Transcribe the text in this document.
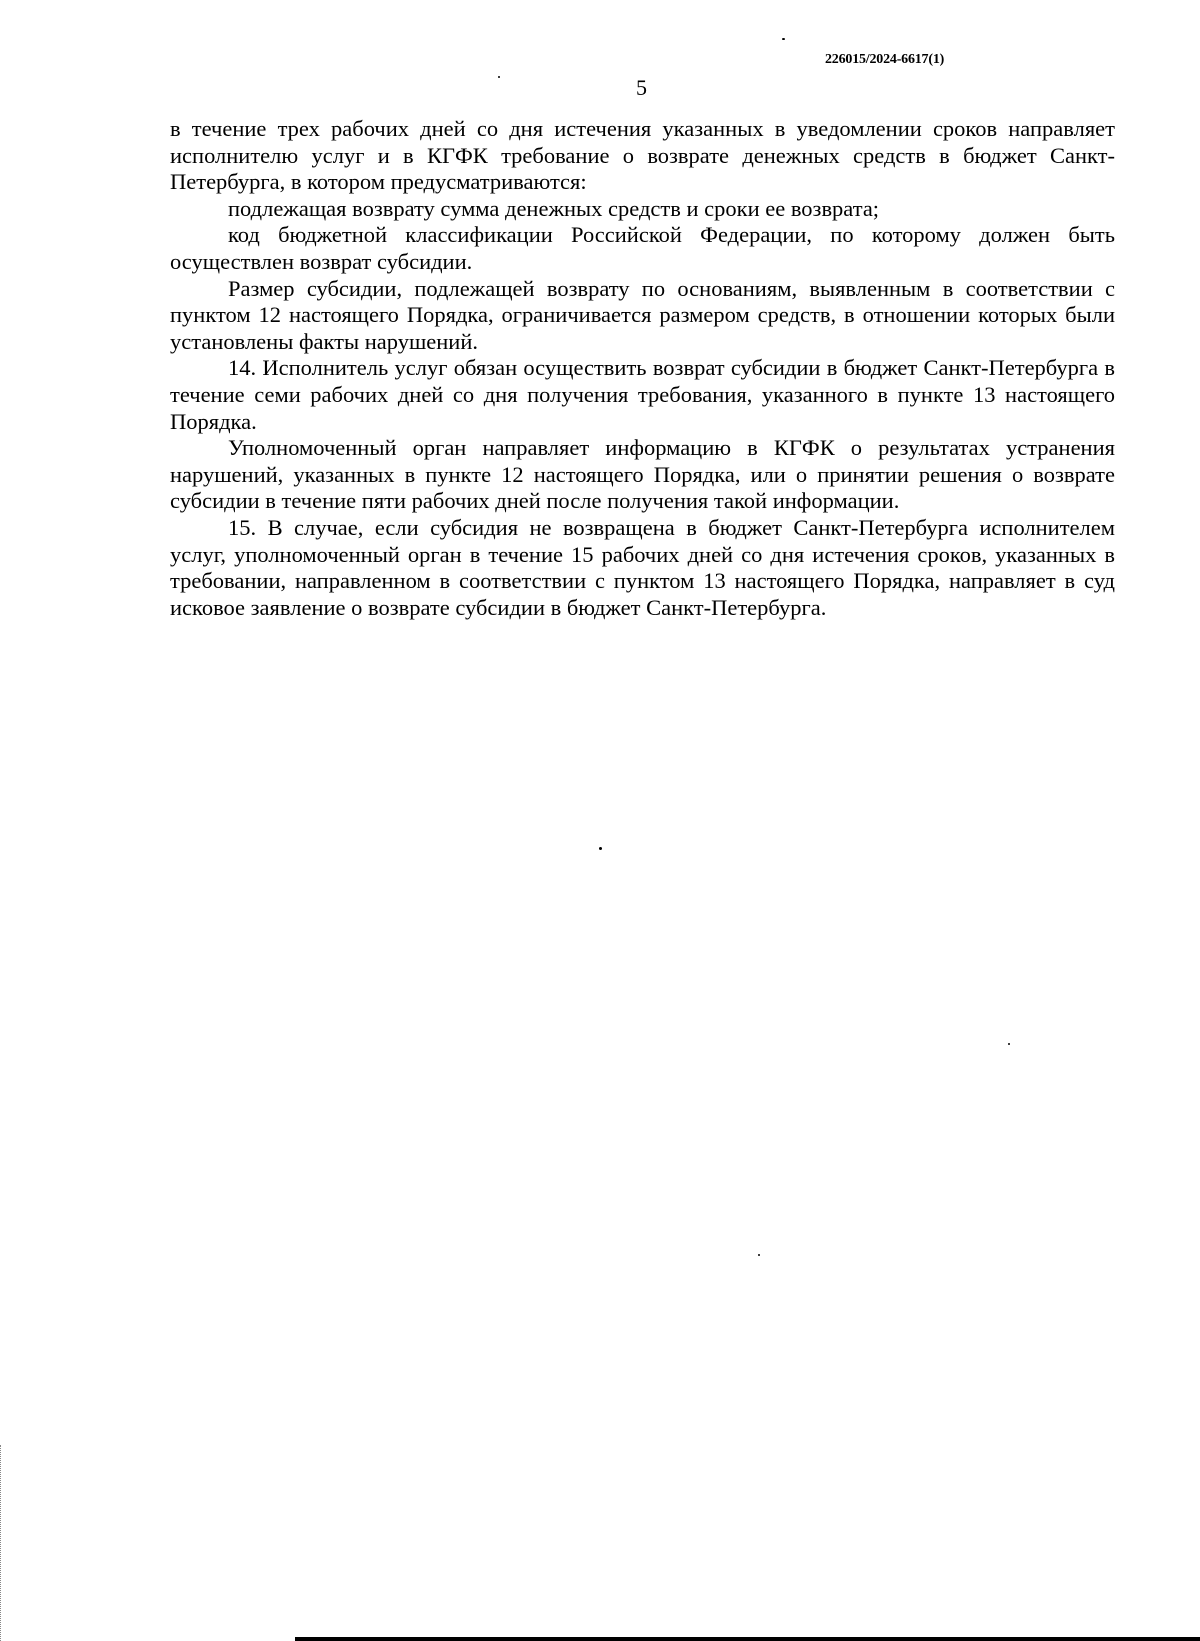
226015/2024-6617(1)
5

в течение трех рабочих дней со дня истечения указанных в уведомлении сроков направляет исполнителю услуг и в КГФК требование о возврате денежных средств в бюджет Санкт-Петербурга, в котором предусматриваются:

подлежащая возврату сумма денежных средств и сроки ее возврата;

код бюджетной классификации Российской Федерации, по которому должен быть осуществлен возврат субсидии.

Размер субсидии, подлежащей возврату по основаниям, выявленным в соответствии с пунктом 12 настоящего Порядка, ограничивается размером средств, в отношении которых были установлены факты нарушений.

14. Исполнитель услуг обязан осуществить возврат субсидии в бюджет Санкт-Петербурга в течение семи рабочих дней со дня получения требования, указанного в пункте 13 настоящего Порядка.

Уполномоченный орган направляет информацию в КГФК о результатах устранения нарушений, указанных в пункте 12 настоящего Порядка, или о принятии решения о возврате субсидии в течение пяти рабочих дней после получения такой информации.

15. В случае, если субсидия не возвращена в бюджет Санкт-Петербурга исполнителем услуг, уполномоченный орган в течение 15 рабочих дней со дня истечения сроков, указанных в требовании, направленном в соответствии с пунктом 13 настоящего Порядка, направляет в суд исковое заявление о возврате субсидии в бюджет Санкт-Петербурга.
